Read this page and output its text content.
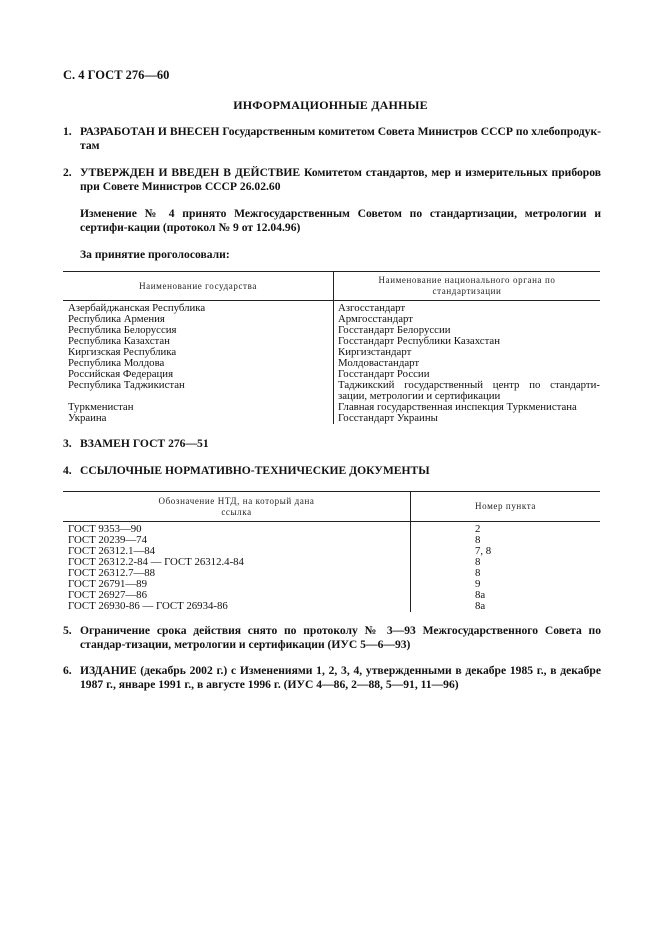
С. 4 ГОСТ 276—60
ИНФОРМАЦИОННЫЕ ДАННЫЕ
1. РАЗРАБОТАН И ВНЕСЕН Государственным комитетом Совета Министров СССР по хлебопродук-там
2. УТВЕРЖДЕН И ВВЕДЕН В ДЕЙСТВИЕ Комитетом стандартов, мер и измерительных приборов при Совете Министров СССР 26.02.60
Изменение № 4 принято Межгосударственным Советом по стандартизации, метрологии и сертифи-кации (протокол № 9 от 12.04.96)
За принятие проголосовали:
Наименование государства	Наименование национального органа по стандартизации

Азербайджанская Республика	Азгосстандарт
Республика Армения	Армгосстандарт
Республика Белоруссия	Госстандарт Белоруссии
Республика Казахстан	Госстандарт Республики Казахстан
Киргизская Республика	Киргизстандарт
Республика Молдова	Молдовастандарт
Российская Федерация	Госстандарт России
Республика Таджикистан	Таджикский государственный центр по стандарти-зации, метрологии и сертификации
Туркменистан	Главная государственная инспекция Туркменистана
Украина	Госстандарт Украины
3. ВЗАМЕН ГОСТ 276—51
4. ССЫЛОЧНЫЕ НОРМАТИВНО-ТЕХНИЧЕСКИЕ ДОКУМЕНТЫ
Обозначение НТД, на который дана ссылка	Номер пункта

ГОСТ 9353—90	2
ГОСТ 20239—74	8
ГОСТ 26312.1—84	7, 8
ГОСТ 26312.2-84 — ГОСТ 26312.4-84	8
ГОСТ 26312.7—88	8
ГОСТ 26791—89	9
ГОСТ 26927—86	8а
ГОСТ 26930-86 — ГОСТ 26934-86	8а
5. Ограничение срока действия снято по протоколу № 3—93 Межгосударственного Совета по стандар-тизации, метрологии и сертификации (ИУС 5—6—93)
6. ИЗДАНИЕ (декабрь 2002 г.) с Изменениями 1, 2, 3, 4, утвержденными в декабре 1985 г., в декабре 1987 г., январе 1991 г., в августе 1996 г. (ИУС 4—86, 2—88, 5—91, 11—96)
